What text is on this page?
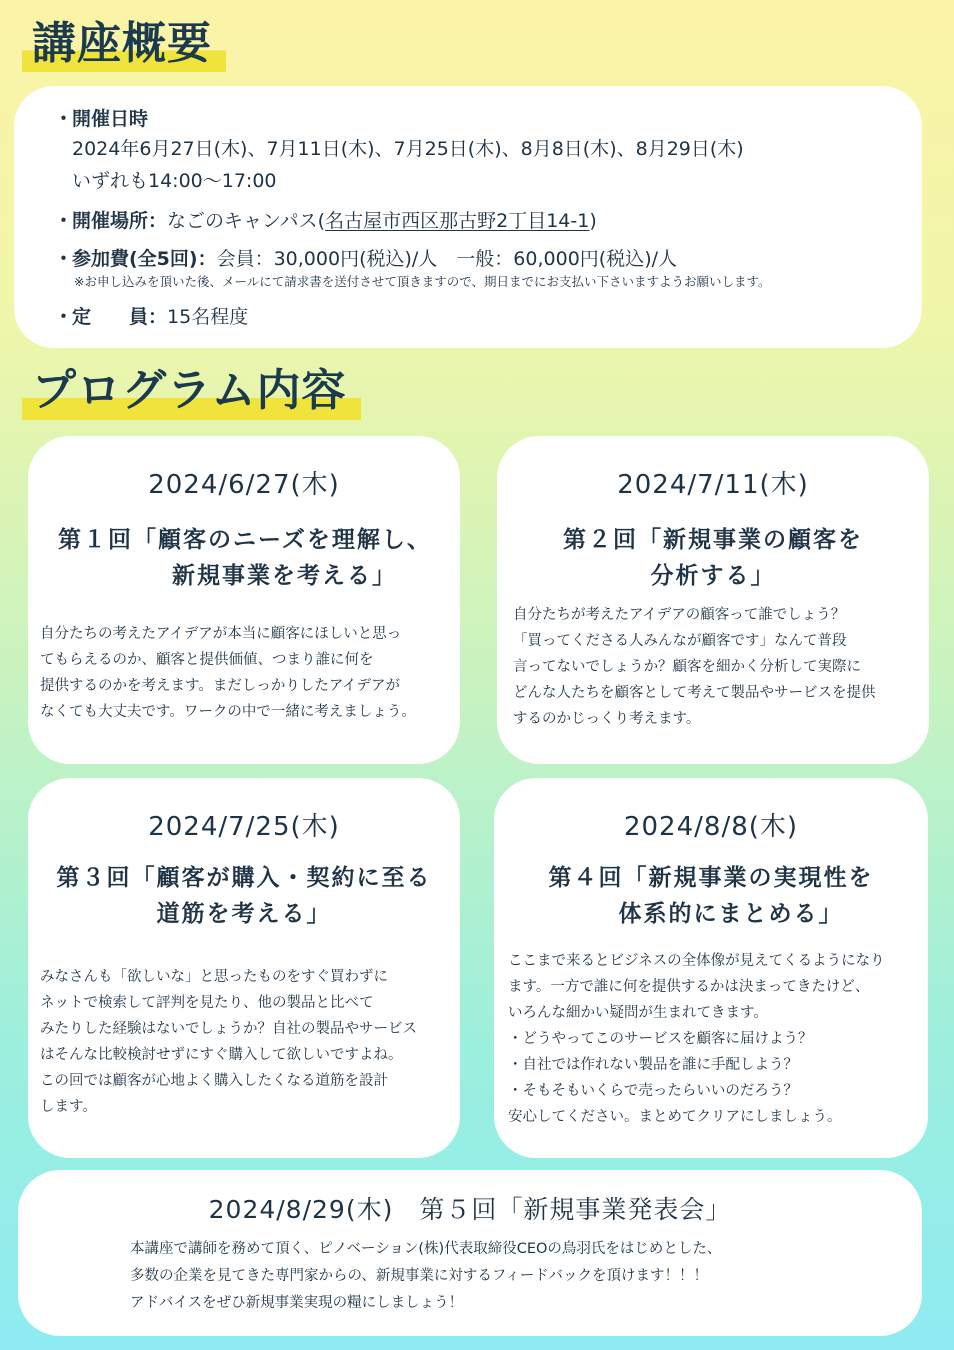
講座概要
・開催日時
2024年6月27日(木)、7月11日(木)、7月25日(木)、8月8日(木)、8月29日(木)
いずれも14:00〜17:00
・開催場所：なごのキャンパス(名古屋市西区那古野2丁目14-1)
・参加費(全5回)：会員：30,000円(税込)/人　一般：60,000円(税込)/人
※お申し込みを頂いた後、メールにて請求書を送付させて頂きますので、期日までにお支払い下さいますようお願いします。
・定　　員：15名程度
プログラム内容
2024/6/27(木)
第１回「顧客のニーズを理解し、
新規事業を考える」
自分たちの考えたアイデアが本当に顧客にほしいと思っ
てもらえるのか、顧客と提供価値、つまり誰に何を
提供するのかを考えます。まだしっかりしたアイデアが
なくても大丈夫です。ワークの中で一緒に考えましょう。
2024/7/11(木)
第２回「新規事業の顧客を
分析する」
自分たちが考えたアイデアの顧客って誰でしょう？
「買ってくださる人みんなが顧客です」なんて普段
言ってないでしょうか？顧客を細かく分析して実際に
どんな人たちを顧客として考えて製品やサービスを提供
するのかじっくり考えます。
2024/7/25(木)
第３回「顧客が購入・契約に至る
道筋を考える」
みなさんも「欲しいな」と思ったものをすぐ買わずに
ネットで検索して評判を見たり、他の製品と比べて
みたりした経験はないでしょうか？自社の製品やサービス
はそんな比較検討せずにすぐ購入して欲しいですよね。
この回では顧客が心地よく購入したくなる道筋を設計
します。
2024/8/8(木)
第４回「新規事業の実現性を
体系的にまとめる」
ここまで来るとビジネスの全体像が見えてくるようになり
ます。一方で誰に何を提供するかは決まってきたけど、
いろんな細かい疑問が生まれてきます。
・どうやってこのサービスを顧客に届けよう？
・自社では作れない製品を誰に手配しよう？
・そもそもいくらで売ったらいいのだろう？
安心してください。まとめてクリアにしましょう。
2024/8/29(木)　第５回「新規事業発表会」
本講座で講師を務めて頂く、ピノベーション(株)代表取締役CEOの鳥羽氏をはじめとした、
多数の企業を見てきた専門家からの、新規事業に対するフィードバックを頂けます！！！
アドバイスをぜひ新規事業実現の糧にしましょう！
